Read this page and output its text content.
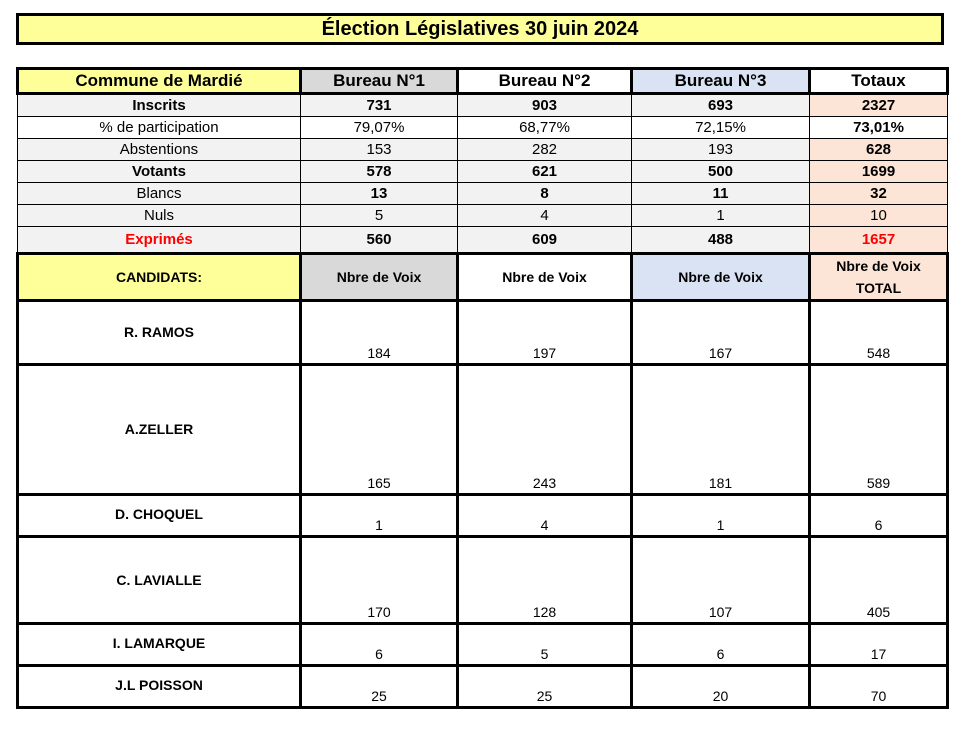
Élection Législatives 30 juin 2024
Commune de Mardié	Bureau N°1	Bureau N°2	Bureau N°3	Totaux
Inscrits	731	903	693	2327
% de participation	79,07%	68,77%	72,15%	73,01%
Abstentions	153	282	193	628
Votants	578	621	500	1699
Blancs	13	8	11	32
Nuls	5	4	1	10
Exprimés	560	609	488	1657
CANDIDATS:	Nbre de Voix	Nbre de Voix	Nbre de Voix	Nbre de Voix
TOTAL

R. RAMOS	184	197	167	548
A.ZELLER	165	243	181	589
D. CHOQUEL	1	4	1	6
C. LAVIALLE	170	128	107	405
I. LAMARQUE	6	5	6	17
J.L POISSON	25	25	20	70
